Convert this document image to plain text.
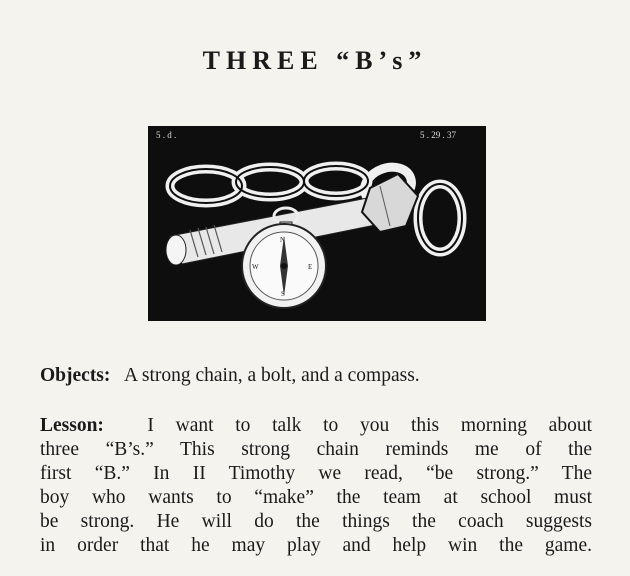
THREE “B’s”
5 . d .	5 . 29 . 37
N
E
S
W
Objects: A strong chain, a bolt, and a compass.
Lesson: I want to talk to you this morning about
three “B’s.” This strong chain reminds me of the
first “B.” In II Timothy we read, “be strong.” The
boy who wants to “make” the team at school must
be strong. He will do the things the coach suggests
in order that he may play and help win the game.
